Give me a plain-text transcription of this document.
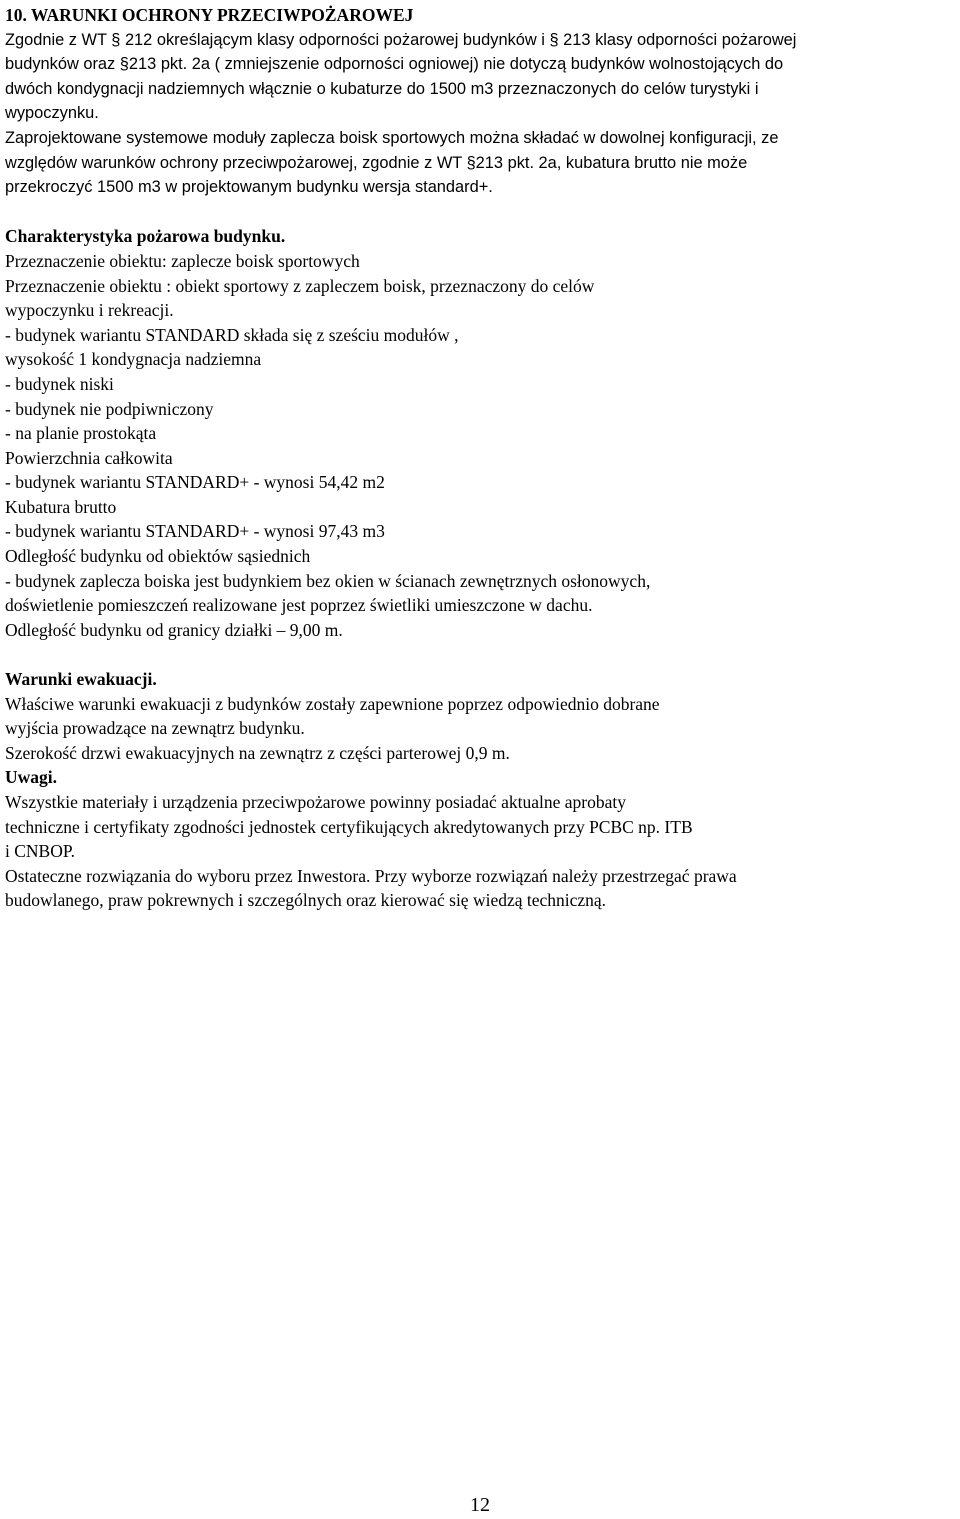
10. WARUNKI OCHRONY PRZECIWPOŻAROWEJ
Zgodnie z WT § 212 określającym klasy odporności pożarowej budynków i § 213 klasy odporności pożarowej
budynków oraz §213 pkt. 2a ( zmniejszenie odporności ogniowej) nie dotyczą budynków wolnostojących do
dwóch kondygnacji nadziemnych włącznie o kubaturze do 1500 m3 przeznaczonych do celów turystyki i
wypoczynku.
Zaprojektowane systemowe moduły zaplecza boisk sportowych można składać w dowolnej konfiguracji, ze
względów warunków ochrony przeciwpożarowej, zgodnie z WT §213 pkt. 2a, kubatura brutto nie może
przekroczyć 1500 m3 w projektowanym budynku wersja standard+.
Charakterystyka pożarowa budynku.
Przeznaczenie obiektu: zaplecze boisk sportowych
Przeznaczenie obiektu : obiekt sportowy z zapleczem boisk, przeznaczony do celów
wypoczynku i rekreacji.
- budynek wariantu STANDARD składa się z sześciu modułów ,
wysokość 1 kondygnacja nadziemna
- budynek niski
- budynek nie podpiwniczony
- na planie prostokąta
Powierzchnia całkowita
- budynek wariantu STANDARD+ - wynosi 54,42 m2
Kubatura brutto
- budynek wariantu STANDARD+ - wynosi 97,43 m3
Odległość budynku od obiektów sąsiednich
- budynek zaplecza boiska jest budynkiem bez okien w ścianach zewnętrznych osłonowych,
doświetlenie pomieszczeń realizowane jest poprzez świetliki umieszczone w dachu.
Odległość budynku od granicy działki – 9,00 m.
Warunki ewakuacji.
Właściwe warunki ewakuacji z budynków zostały zapewnione poprzez odpowiednio dobrane
wyjścia prowadzące na zewnątrz budynku.
Szerokość drzwi ewakuacyjnych na zewnątrz z części parterowej 0,9 m.
Uwagi.
Wszystkie materiały i urządzenia przeciwpożarowe powinny posiadać aktualne aprobaty
techniczne i certyfikaty zgodności jednostek certyfikujących akredytowanych przy PCBC np. ITB
i CNBOP.
Ostateczne rozwiązania do wyboru przez Inwestora. Przy wyborze rozwiązań należy przestrzegać prawa
budowlanego, praw pokrewnych i szczególnych oraz kierować się wiedzą techniczną.
12
